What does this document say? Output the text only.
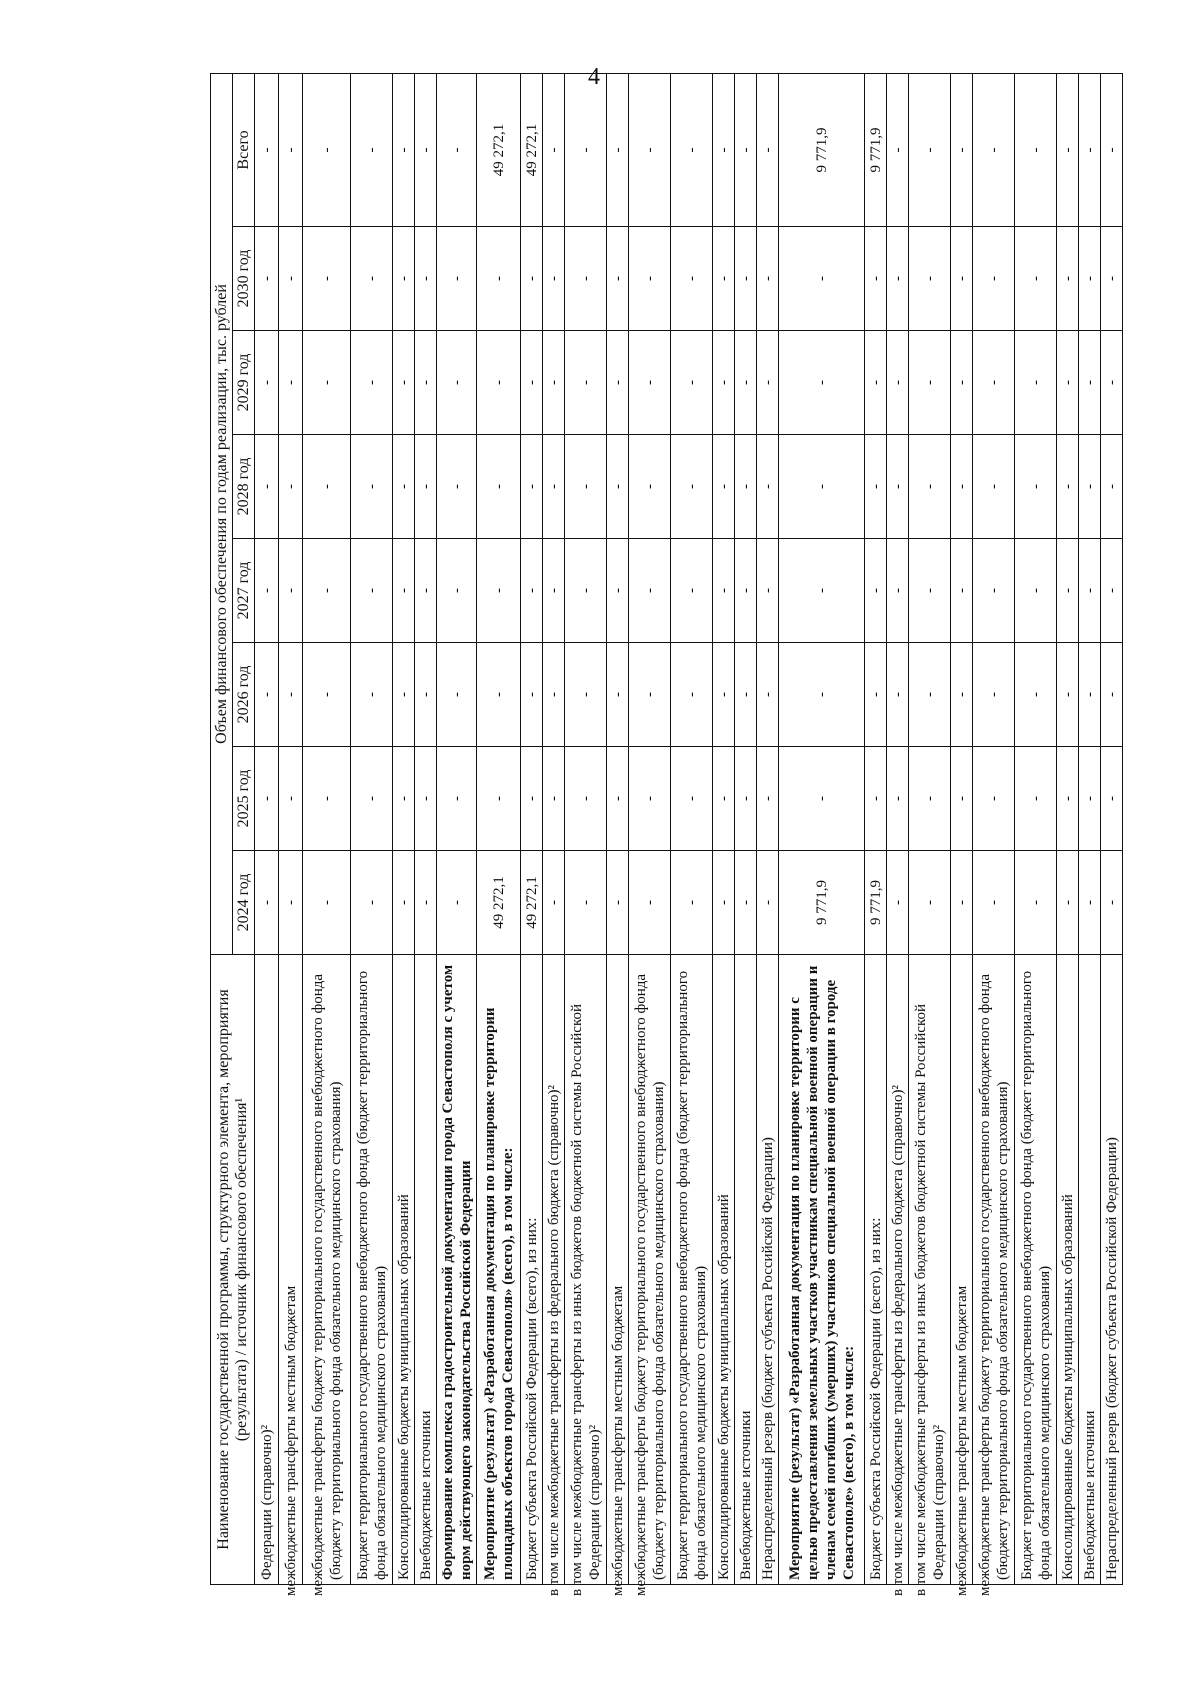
4
Наименование государственной программы, структурного элемента, мероприятия (результата) / источник финансового обеспечения¹	Объем финансового обеспечения по годам реализации, тыс. рублей							
	2024 год	2025 год	2026 год	2027 год	2028 год	2029 год	2030 год	Всего
Федерации (справочно)²	-	-	-	-	-	-	-	-
межбюджетные трансферты местным бюджетам	-	-	-	-	-	-	-	-
межбюджетные трансферты бюджету территориального государственного внебюджетного фонда (бюджету территориального фонда обязательного медицинского страхования)	-	-	-	-	-	-	-	-
Бюджет территориального государственного внебюджетного фонда (бюджет территориального фонда обязательного медицинского страхования)	-	-	-	-	-	-	-	-
Консолидированные бюджеты муниципальных образований	-	-	-	-	-	-	-	-
Внебюджетные источники	-	-	-	-	-	-	-	-
Формирование комплекса градостроительной документации города Севастополя с учетом норм действующего законодательства Российской Федерации	-	-	-	-	-	-	-	-
Мероприятие (результат) «Разработанная документация по планировке территории площадных объектов города Севастополя» (всего), в том числе:	49 272,1	-	-	-	-	-	-	49 272,1
Бюджет субъекта Российской Федерации (всего), из них:	49 272,1	-	-	-	-	-	-	49 272,1
в том числе межбюджетные трансферты из федерального бюджета (справочно)²	-	-	-	-	-	-	-	-
в том числе межбюджетные трансферты из иных бюджетов бюджетной системы Российской Федерации (справочно)²	-	-	-	-	-	-	-	-
межбюджетные трансферты местным бюджетам	-	-	-	-	-	-	-	-
межбюджетные трансферты бюджету территориального государственного внебюджетного фонда (бюджету территориального фонда обязательного медицинского страхования)	-	-	-	-	-	-	-	-
Бюджет территориального государственного внебюджетного фонда (бюджет территориального фонда обязательного медицинского страхования)	-	-	-	-	-	-	-	-
Консолидированные бюджеты муниципальных образований	-	-	-	-	-	-	-	-
Внебюджетные источники	-	-	-	-	-	-	-	-
Нераспределенный резерв (бюджет субъекта Российской Федерации)	-	-	-	-	-	-	-	-
Мероприятие (результат) «Разработанная документация по планировке территории с целью предоставления земельных участков участникам специальной военной операции и членам семей погибших (умерших) участников специальной военной операции в городе Севастополе» (всего), в том числе:	9 771,9	-	-	-	-	-	-	9 771,9
Бюджет субъекта Российской Федерации (всего), из них:	9 771,9	-	-	-	-	-	-	9 771,9
в том числе межбюджетные трансферты из федерального бюджета (справочно)²	-	-	-	-	-	-	-	-
в том числе межбюджетные трансферты из иных бюджетов бюджетной системы Российской Федерации (справочно)²	-	-	-	-	-	-	-	-
межбюджетные трансферты местным бюджетам	-	-	-	-	-	-	-	-
межбюджетные трансферты бюджету территориального государственного внебюджетного фонда (бюджету территориального фонда обязательного медицинского страхования)	-	-	-	-	-	-	-	-
Бюджет территориального государственного внебюджетного фонда (бюджет территориального фонда обязательного медицинского страхования)	-	-	-	-	-	-	-	-
Консолидированные бюджеты муниципальных образований	-	-	-	-	-	-	-	-
Внебюджетные источники	-	-	-	-	-	-	-	-
Нераспределенный резерв (бюджет субъекта Российской Федерации)	-	-	-	-	-	-	-	-
